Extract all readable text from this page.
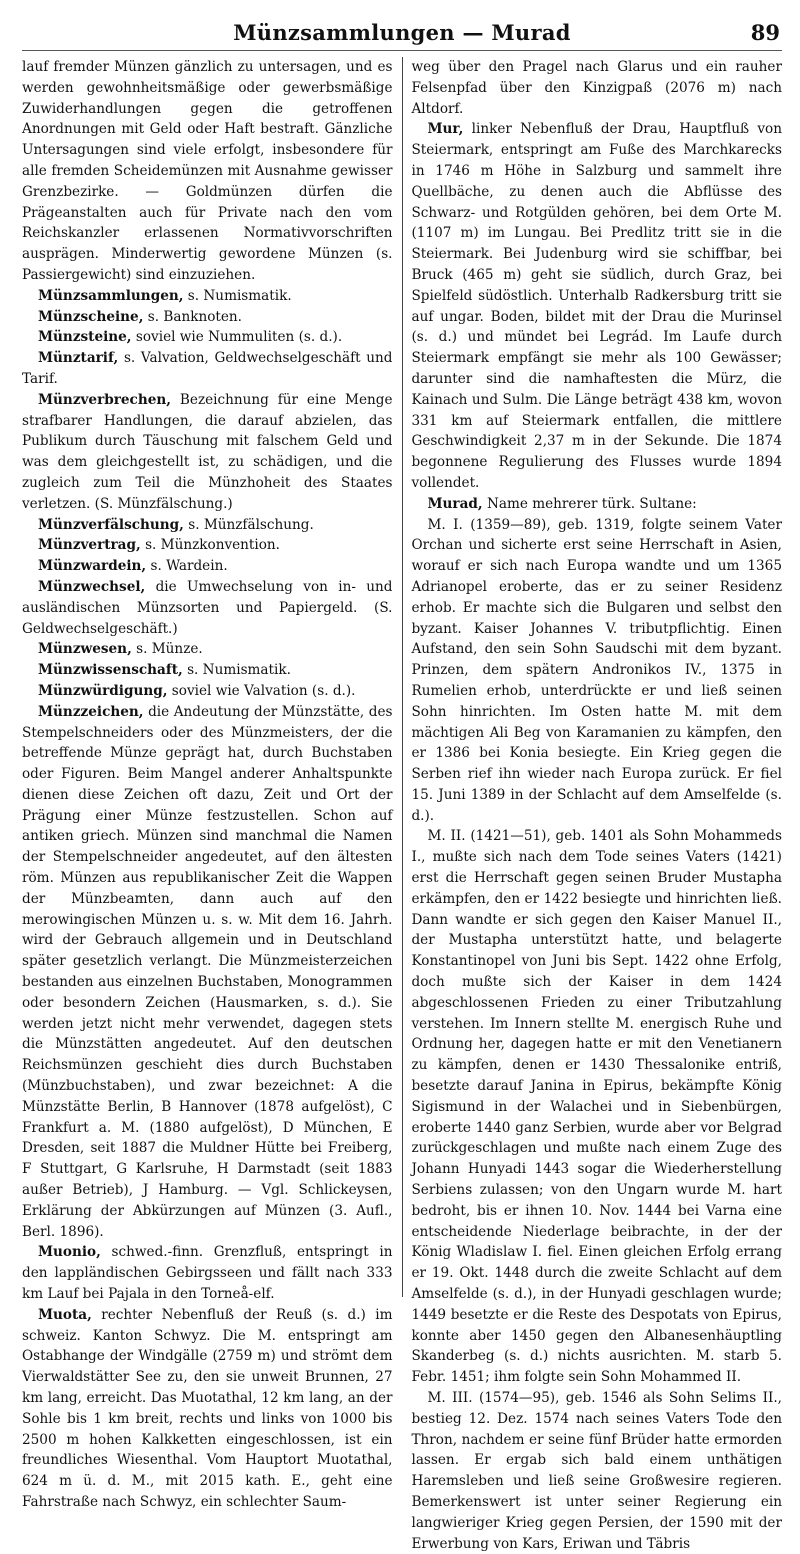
Münzsammlungen — Murad	89

lauf fremder Münzen gänzlich zu untersagen, und es werden gewohnheitsmäßige oder gewerbsmäßige Zuwiderhandlungen gegen die getroffenen Anordnungen mit Geld oder Haft bestraft. Gänzliche Untersagungen sind viele erfolgt, insbesondere für alle fremden Scheidemünzen mit Ausnahme gewisser Grenzbezirke. — Goldmünzen dürfen die Prägeanstalten auch für Private nach den vom Reichskanzler erlassenen Normativvorschriften ausprägen. Minderwertig gewordene Münzen (s. Passiergewicht) sind einzuziehen.

Münzsammlungen, s. Numismatik.

Münzscheine, s. Banknoten.

Münzsteine, soviel wie Nummuliten (s. d.).

Münztarif, s. Valvation, Geldwechselgeschäft und Tarif.

Münzverbrechen, Bezeichnung für eine Menge strafbarer Handlungen, die darauf abzielen, das Publikum durch Täuschung mit falschem Geld und was dem gleichgestellt ist, zu schädigen, und die zugleich zum Teil die Münzhoheit des Staates verletzen. (S. Münzfälschung.)

Münzverfälschung, s. Münzfälschung.

Münzvertrag, s. Münzkonvention.

Münzwardein, s. Wardein.

Münzwechsel, die Umwechselung von in- und ausländischen Münzsorten und Papiergeld. (S. Geldwechselgeschäft.)

Münzwesen, s. Münze.

Münzwissenschaft, s. Numismatik.

Münzwürdigung, soviel wie Valvation (s. d.).

Münzzeichen, die Andeutung der Münzstätte, des Stempelschneiders oder des Münzmeisters, der die betreffende Münze geprägt hat, durch Buchstaben oder Figuren. Beim Mangel anderer Anhaltspunkte dienen diese Zeichen oft dazu, Zeit und Ort der Prägung einer Münze festzustellen. Schon auf antiken griech. Münzen sind manchmal die Namen der Stempelschneider angedeutet, auf den ältesten röm. Münzen aus republikanischer Zeit die Wappen der Münzbeamten, dann auch auf den merowingischen Münzen u. s. w. Mit dem 16. Jahrh. wird der Gebrauch allgemein und in Deutschland später gesetzlich verlangt. Die Münzmeisterzeichen bestanden aus einzelnen Buchstaben, Monogrammen oder besondern Zeichen (Hausmarken, s. d.). Sie werden jetzt nicht mehr verwendet, dagegen stets die Münzstätten angedeutet. Auf den deutschen Reichsmünzen geschieht dies durch Buchstaben (Münzbuchstaben), und zwar bezeichnet: A die Münzstätte Berlin, B Hannover (1878 aufgelöst), C Frankfurt a. M. (1880 aufgelöst), D München, E Dresden, seit 1887 die Muldner Hütte bei Freiberg, F Stuttgart, G Karlsruhe, H Darmstadt (seit 1883 außer Betrieb), J Hamburg. — Vgl. Schlickeysen, Erklärung der Abkürzungen auf Münzen (3. Aufl., Berl. 1896).

Muonio, schwed.-finn. Grenzfluß, entspringt in den lappländischen Gebirgsseen und fällt nach 333 km Lauf bei Pajala in den Torneå-elf.

Muota, rechter Nebenfluß der Reuß (s. d.) im schweiz. Kanton Schwyz. Die M. entspringt am Ostabhange der Windgälle (2759 m) und strömt dem Vierwaldstätter See zu, den sie unweit Brunnen, 27 km lang, erreicht. Das Muotathal, 12 km lang, an der Sohle bis 1 km breit, rechts und links von 1000 bis 2500 m hohen Kalkketten eingeschlossen, ist ein freundliches Wiesenthal. Vom Hauptort Muotathal, 624 m ü. d. M., mit 2015 kath. E., geht eine Fahrstraße nach Schwyz, ein schlechter Saum-

weg über den Pragel nach Glarus und ein rauher Felsenpfad über den Kinzigpaß (2076 m) nach Altdorf.

Mur, linker Nebenfluß der Drau, Hauptfluß von Steiermark, entspringt am Fuße des Marchkarecks in 1746 m Höhe in Salzburg und sammelt ihre Quellbäche, zu denen auch die Abflüsse des Schwarz- und Rotgülden gehören, bei dem Orte M. (1107 m) im Lungau. Bei Predlitz tritt sie in die Steiermark. Bei Judenburg wird sie schiffbar, bei Bruck (465 m) geht sie südlich, durch Graz, bei Spielfeld südöstlich. Unterhalb Radkersburg tritt sie auf ungar. Boden, bildet mit der Drau die Murinsel (s. d.) und mündet bei Legrád. Im Laufe durch Steiermark empfängt sie mehr als 100 Gewässer; darunter sind die namhaftesten die Mürz, die Kainach und Sulm. Die Länge beträgt 438 km, wovon 331 km auf Steiermark entfallen, die mittlere Geschwindigkeit 2,37 m in der Sekunde. Die 1874 begonnene Regulierung des Flusses wurde 1894 vollendet.

Murad, Name mehrerer türk. Sultane:

M. I. (1359—89), geb. 1319, folgte seinem Vater Orchan und sicherte erst seine Herrschaft in Asien, worauf er sich nach Europa wandte und um 1365 Adrianopel eroberte, das er zu seiner Residenz erhob. Er machte sich die Bulgaren und selbst den byzant. Kaiser Johannes V. tributpflichtig. Einen Aufstand, den sein Sohn Saudschi mit dem byzant. Prinzen, dem spätern Andronikos IV., 1375 in Rumelien erhob, unterdrückte er und ließ seinen Sohn hinrichten. Im Osten hatte M. mit dem mächtigen Ali Beg von Karamanien zu kämpfen, den er 1386 bei Konia besiegte. Ein Krieg gegen die Serben rief ihn wieder nach Europa zurück. Er fiel 15. Juni 1389 in der Schlacht auf dem Amselfelde (s. d.).

M. II. (1421—51), geb. 1401 als Sohn Mohammeds I., mußte sich nach dem Tode seines Vaters (1421) erst die Herrschaft gegen seinen Bruder Mustapha erkämpfen, den er 1422 besiegte und hinrichten ließ. Dann wandte er sich gegen den Kaiser Manuel II., der Mustapha unterstützt hatte, und belagerte Konstantinopel von Juni bis Sept. 1422 ohne Erfolg, doch mußte sich der Kaiser in dem 1424 abgeschlossenen Frieden zu einer Tributzahlung verstehen. Im Innern stellte M. energisch Ruhe und Ordnung her, dagegen hatte er mit den Venetianern zu kämpfen, denen er 1430 Thessalonike entriß, besetzte darauf Janina in Epirus, bekämpfte König Sigismund in der Walachei und in Siebenbürgen, eroberte 1440 ganz Serbien, wurde aber vor Belgrad zurückgeschlagen und mußte nach einem Zuge des Johann Hunyadi 1443 sogar die Wiederherstellung Serbiens zulassen; von den Ungarn wurde M. hart bedroht, bis er ihnen 10. Nov. 1444 bei Varna eine entscheidende Niederlage beibrachte, in der der König Wladislaw I. fiel. Einen gleichen Erfolg errang er 19. Okt. 1448 durch die zweite Schlacht auf dem Amselfelde (s. d.), in der Hunyadi geschlagen wurde; 1449 besetzte er die Reste des Despotats von Epirus, konnte aber 1450 gegen den Albanesenhäuptling Skanderbeg (s. d.) nichts ausrichten. M. starb 5. Febr. 1451; ihm folgte sein Sohn Mohammed II.

M. III. (1574—95), geb. 1546 als Sohn Selims II., bestieg 12. Dez. 1574 nach seines Vaters Tode den Thron, nachdem er seine fünf Brüder hatte ermorden lassen. Er ergab sich bald einem unthätigen Haremsleben und ließ seine Großwesire regieren. Bemerkenswert ist unter seiner Regierung ein langwieriger Krieg gegen Persien, der 1590 mit der Erwerbung von Kars, Eriwan und Täbris
